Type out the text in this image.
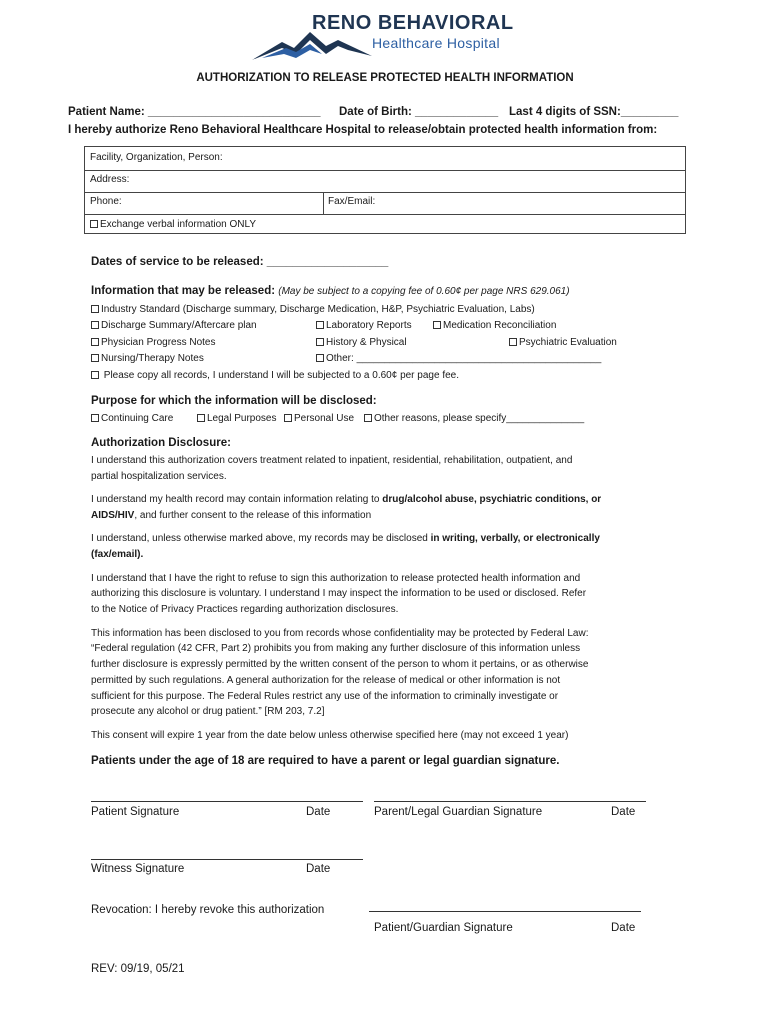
RENO BEHAVIORAL
Healthcare Hospital
AUTHORIZATION TO RELEASE PROTECTED HEALTH INFORMATION
Patient Name: ___________________________ Date of Birth: _____________ Last 4 digits of SSN:_________
I hereby authorize Reno Behavioral Healthcare Hospital to release/obtain protected health information from:
Facility, Organization, Person:
Address:
Phone:	Fax/Email:
Exchange verbal information ONLY
Dates of service to be released: ___________________
Information that may be released: (May be subject to a copying fee of 0.60¢ per page NRS 629.061)
Industry Standard (Discharge summary, Discharge Medication, H&P, Psychiatric Evaluation, Labs)
Discharge Summary/Aftercare plan	Laboratory Reports	Medication Reconciliation
Physician Progress Notes	History & Physical	Psychiatric Evaluation
Nursing/Therapy Notes	Other: ____________________________________________
Please copy all records, I understand I will be subjected to a 0.60¢ per page fee.
Purpose for which the information will be disclosed:
Continuing Care	Legal Purposes	Personal Use	Other reasons, please specify______________
Authorization Disclosure:
I understand this authorization covers treatment related to inpatient, residential, rehabilitation, outpatient, and
partial hospitalization services.
I understand my health record may contain information relating to drug/alcohol abuse, psychiatric conditions, or
AIDS/HIV, and further consent to the release of this information
I understand, unless otherwise marked above, my records may be disclosed in writing, verbally, or electronically
(fax/email).
I understand that I have the right to refuse to sign this authorization to release protected health information and
authorizing this disclosure is voluntary. I understand I may inspect the information to be used or disclosed. Refer
to the Notice of Privacy Practices regarding authorization disclosures.
This information has been disclosed to you from records whose confidentiality may be protected by Federal Law:
“Federal regulation (42 CFR, Part 2) prohibits you from making any further disclosure of this information unless
further disclosure is expressly permitted by the written consent of the person to whom it pertains, or as otherwise
permitted by such regulations. A general authorization for the release of medical or other information is not
sufficient for this purpose. The Federal Rules restrict any use of the information to criminally investigate or
prosecute any alcohol or drug patient.” [RM 203, 7.2]
This consent will expire 1 year from the date below unless otherwise specified here (may not exceed 1 year)
Patients under the age of 18 are required to have a parent or legal guardian signature.
Patient Signature	Date	Parent/Legal Guardian Signature	Date
Witness Signature	Date
Revocation: I hereby revoke this authorization
Patient/Guardian Signature	Date
REV: 09/19, 05/21
